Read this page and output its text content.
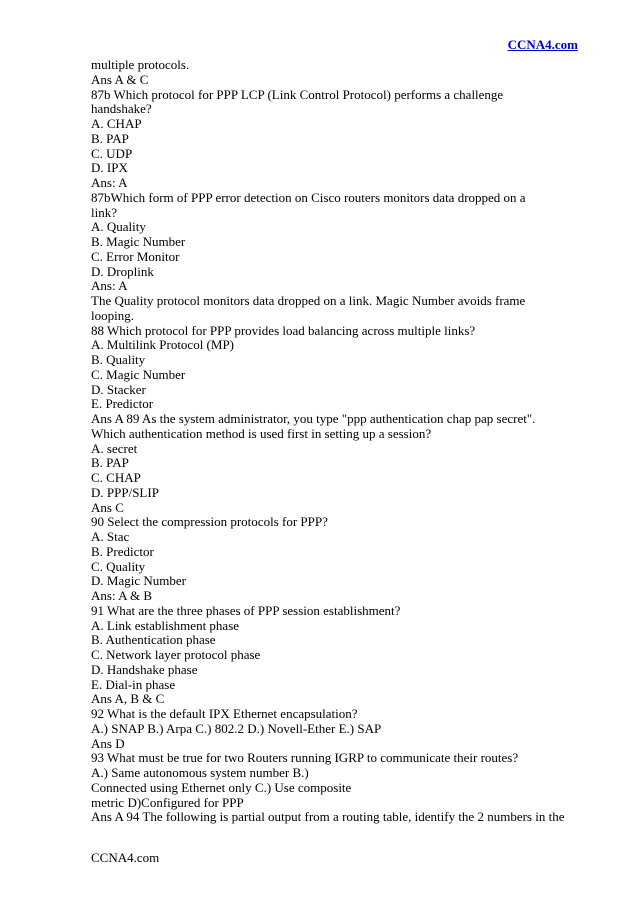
CCNA4.com
multiple protocols.
Ans A & C
87b Which protocol for PPP LCP (Link Control Protocol) performs a challenge
handshake?
A. CHAP
B. PAP
C. UDP
D. IPX
Ans: A
87bWhich form of PPP error detection on Cisco routers monitors data dropped on a
link?
A. Quality
B. Magic Number
C. Error Monitor
D. Droplink
Ans: A
The Quality protocol monitors data dropped on a link. Magic Number avoids frame
looping.
88 Which protocol for PPP provides load balancing across multiple links?
A. Multilink Protocol (MP)
B. Quality
C. Magic Number
D. Stacker
E. Predictor
Ans A 89 As the system administrator, you type "ppp authentication chap pap secret".
Which authentication method is used first in setting up a session?
A. secret
B. PAP
C. CHAP
D. PPP/SLIP
Ans C
90 Select the compression protocols for PPP?
A. Stac
B. Predictor
C. Quality
D. Magic Number
Ans: A & B
91 What are the three phases of PPP session establishment?
A. Link establishment phase
B. Authentication phase
C. Network layer protocol phase
D. Handshake phase
E. Dial-in phase
Ans A, B & C
92 What is the default IPX Ethernet encapsulation?
A.) SNAP B.) Arpa C.) 802.2 D.) Novell-Ether E.) SAP
Ans D
93 What must be true for two Routers running IGRP to communicate their routes?
A.) Same autonomous system number B.)
Connected using Ethernet only C.) Use composite
metric D)Configured for PPP
Ans A 94 The following is partial output from a routing table, identify the 2 numbers in the
CCNA4.com
